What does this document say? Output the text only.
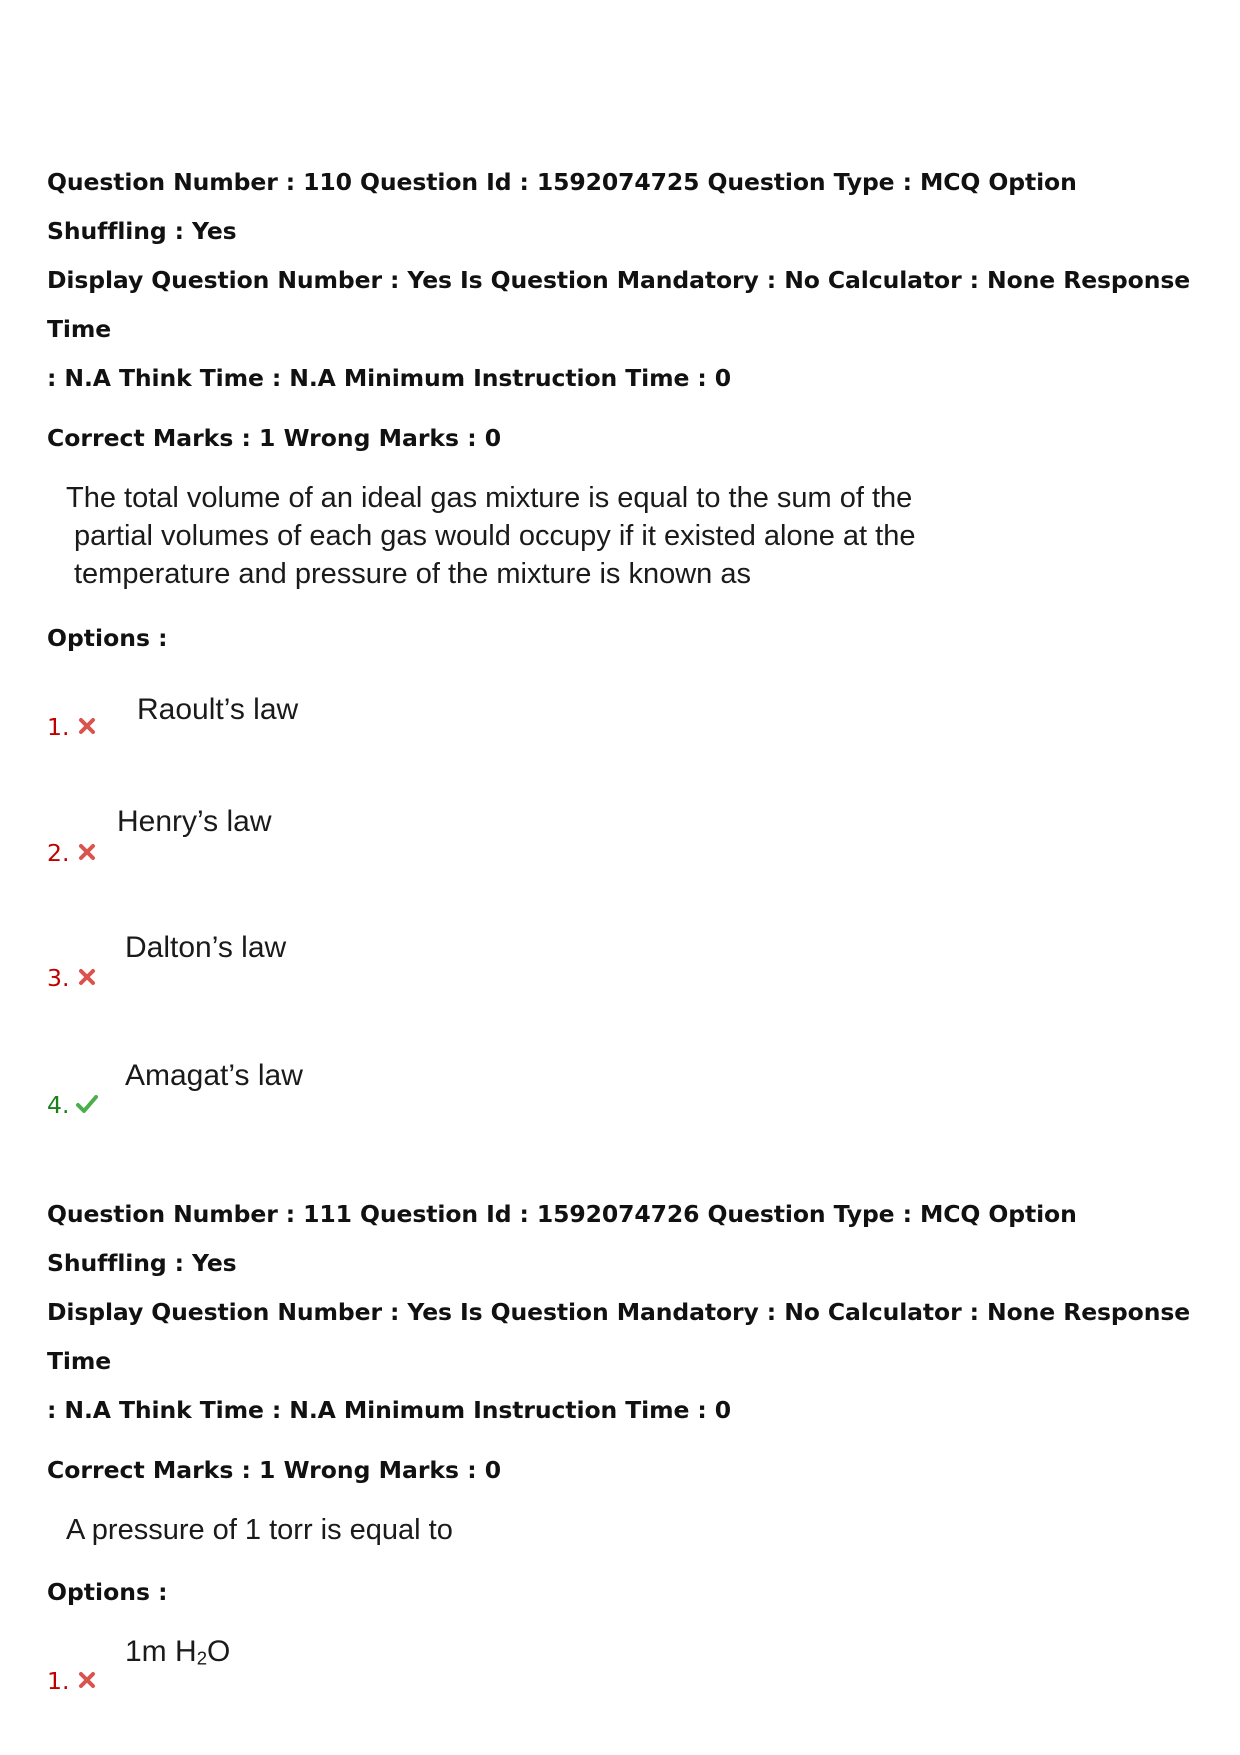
Question Number : 110 Question Id : 1592074725 Question Type : MCQ Option Shuffling : Yes
Display Question Number : Yes Is Question Mandatory : No Calculator : None Response Time
: N.A Think Time : N.A Minimum Instruction Time : 0
Correct Marks : 1 Wrong Marks : 0
The total volume of an ideal gas mixture is equal to the sum of the
partial volumes of each gas would occupy if it existed alone at the
temperature and pressure of the mixture is known as
Options :
1.
Raoult’s law
2.
Henry’s law
3.
Dalton’s law
4.
Amagat’s law
Question Number : 111 Question Id : 1592074726 Question Type : MCQ Option Shuffling : Yes
Display Question Number : Yes Is Question Mandatory : No Calculator : None Response Time
: N.A Think Time : N.A Minimum Instruction Time : 0
Correct Marks : 1 Wrong Marks : 0
A pressure of 1 torr is equal to
Options :
1.
1m $H_2O$
